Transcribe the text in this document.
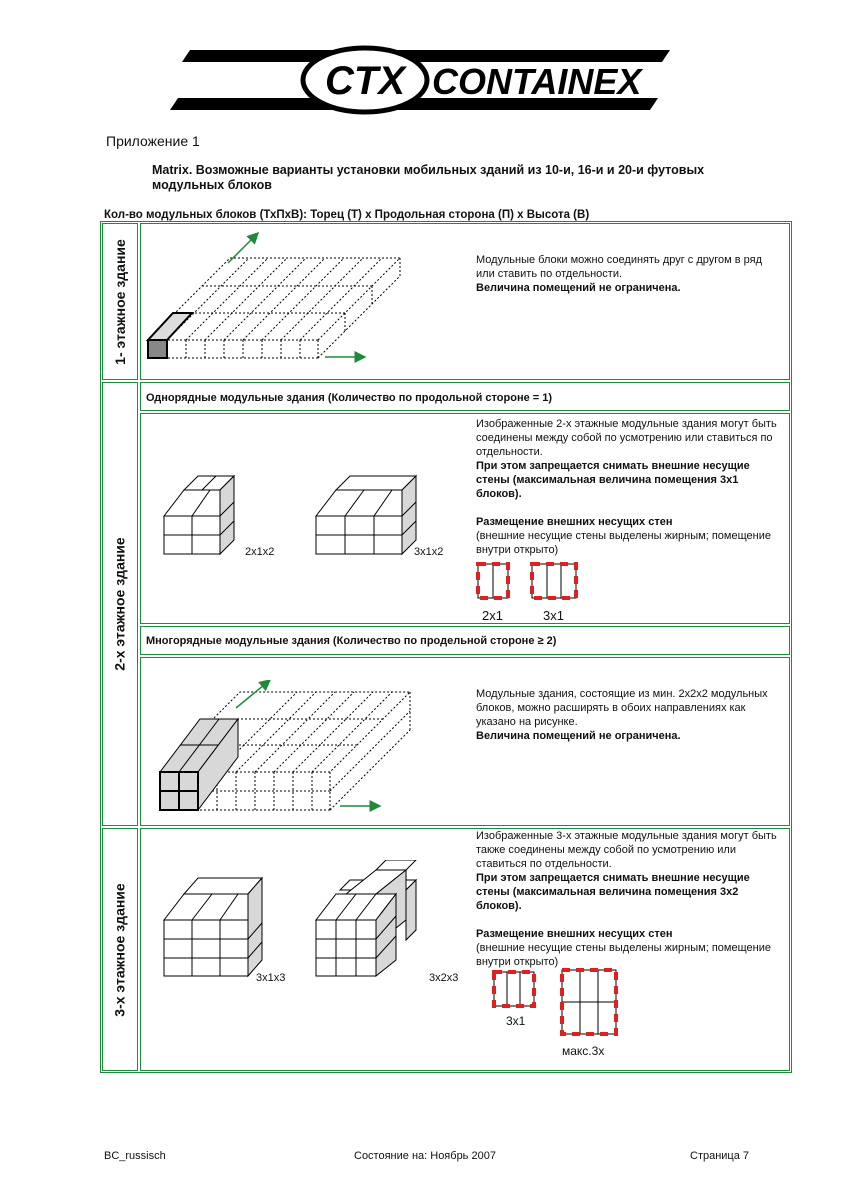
CTX CONTAINEX
Приложение 1
Matrix. Возможные варианты установки мобильных зданий из 10-и, 16-и и 20-и футовых модульных блоков
Кол-во модульных блоков (ТхПхВ): Торец (Т) х Продольная сторона (П) х Высота (В)
1- этажное здание	Модульные блоки можно соединять друг с другом в ряд или ставить по отдельности.

Величина помещений не ограничена.

2-х этажное здание
Однорядные модульные здания (Количество по продольной стороне = 1)
2x1x2	3x1x2

Изображенные 2-х этажные модульные здания могут быть соединены между собой по усмотрению или ставиться по отдельности.

При этом запрещается снимать внешние несущие стены (максимальная величина помещения 3х1 блоков).

Размещение внешних несущих стен

(внешние несущие стены выделены жирным; помещение внутри открыто)

2x1	3x1
Многорядные модульные здания (Количество по продельной стороне ≥ 2)

Модульные здания, состоящие из мин. 2х2х2 модульных блоков, можно расширять в обоих направлениях как указано на рисунке.

Величина помещений не ограничена.

3-х этажное здание	3x1x3	3x2x3

Изображенные 3-х этажные модульные здания могут быть также соединены между собой по усмотрению или ставиться по отдельности.

При этом запрещается снимать внешние несущие стены (максимальная величина помещения 3х2 блоков).

Размещение внешних несущих стен

(внешние несущие стены выделены жирным; помещение внутри открыто)

3x1
макс.3х
BC_russisch	Состояние на: Ноябрь 2007	Страница 7
